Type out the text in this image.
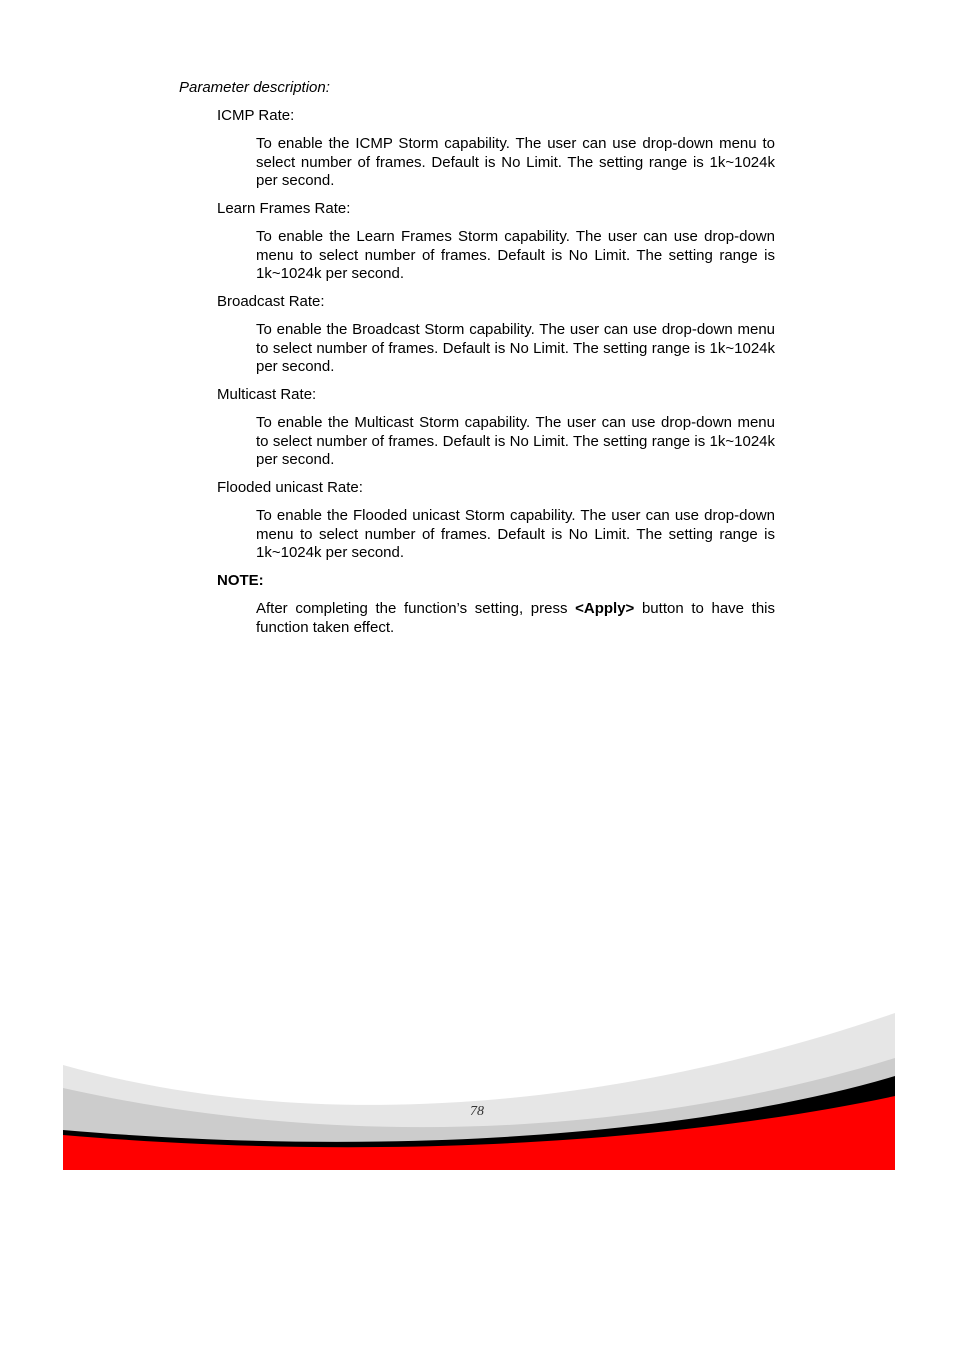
Parameter description:

ICMP Rate:

To enable the ICMP Storm capability. The user can use drop-down menu to select number of frames. Default is No Limit. The setting range is 1k~1024k per second.

Learn Frames Rate:

To enable the Learn Frames Storm capability. The user can use drop-down menu to select number of frames. Default is No Limit. The setting range is 1k~1024k per second.

Broadcast Rate:

To enable the Broadcast Storm capability. The user can use drop-down menu to select number of frames. Default is No Limit. The setting range is 1k~1024k per second.

Multicast Rate:

To enable the Multicast Storm capability. The user can use drop-down menu to select number of frames. Default is No Limit. The setting range is 1k~1024k per second.

Flooded unicast Rate:

To enable the Flooded unicast Storm capability. The user can use drop-down menu to select number of frames. Default is No Limit. The setting range is 1k~1024k per second.

NOTE:

After completing the function’s setting, press <Apply> button to have this function taken effect.

78
